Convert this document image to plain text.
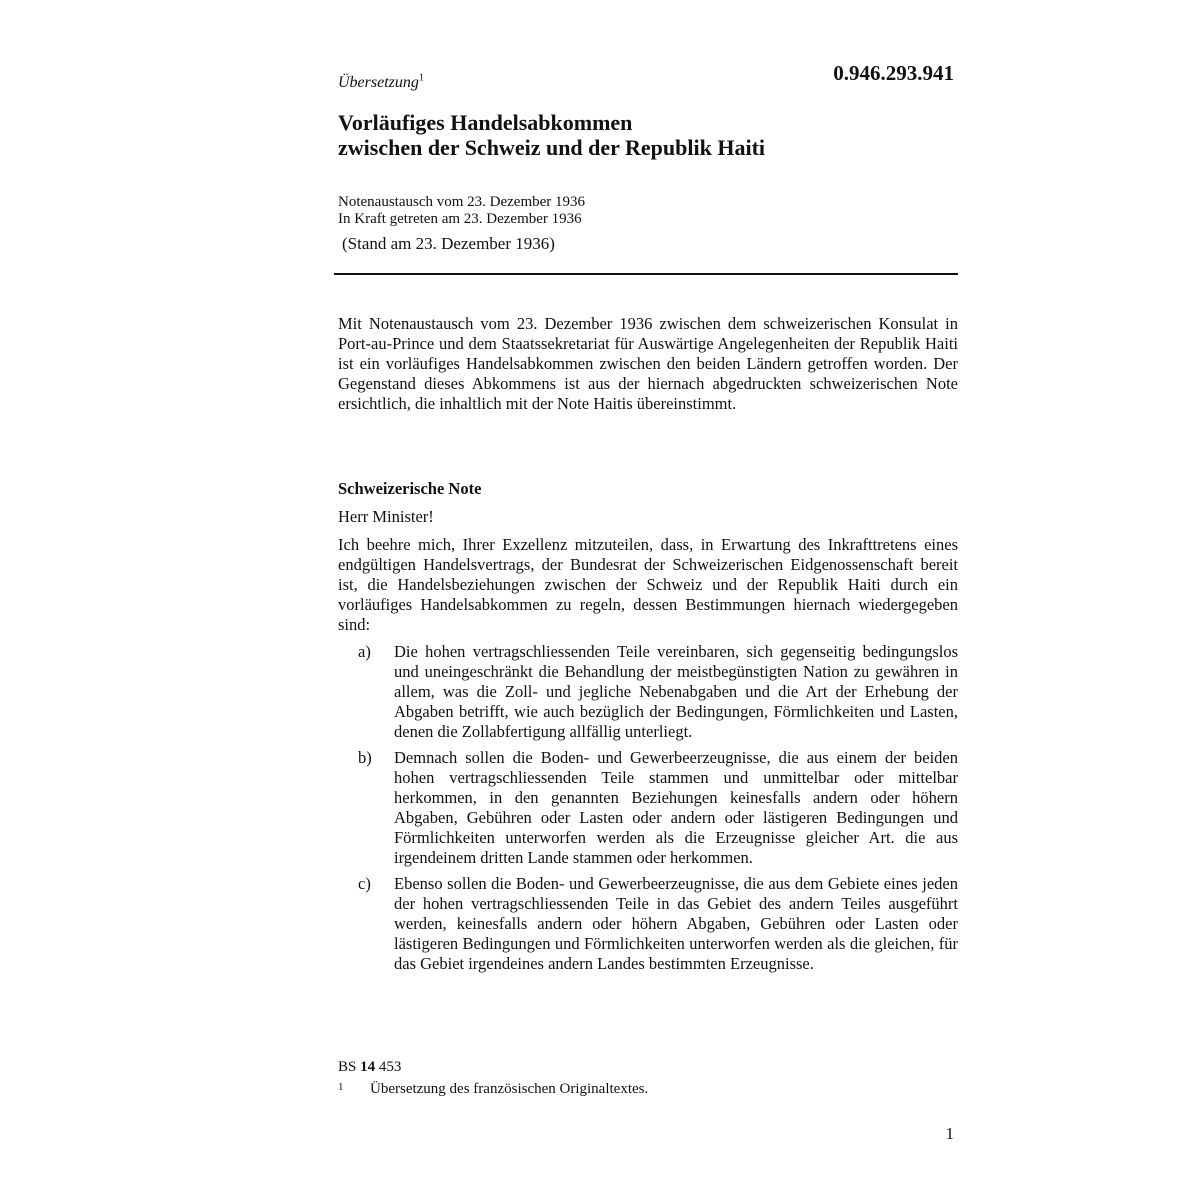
Übersetzung$^1$	0.946.293.941
Vorläufiges Handelsabkommen
zwischen der Schweiz und der Republik Haiti
Notenaustausch vom 23. Dezember 1936
In Kraft getreten am 23. Dezember 1936
(Stand am 23. Dezember 1936)
Mit Notenaustausch vom 23. Dezember 1936 zwischen dem schweizerischen Konsulat in Port-au-Prince und dem Staatssekretariat für Auswärtige Angelegenheiten der Republik Haiti ist ein vorläufiges Handelsabkommen zwischen den beiden Ländern getroffen worden. Der Gegenstand dieses Abkommens ist aus der hiernach abgedruckten schweizerischen Note ersichtlich, die inhaltlich mit der Note Haitis übereinstimmt.
Schweizerische Note
Herr Minister!
Ich beehre mich, Ihrer Exzellenz mitzuteilen, dass, in Erwartung des Inkrafttretens eines endgültigen Handelsvertrags, der Bundesrat der Schweizerischen Eidgenossenschaft bereit ist, die Handelsbeziehungen zwischen der Schweiz und der Republik Haiti durch ein vorläufiges Handelsabkommen zu regeln, dessen Bestimmungen hiernach wiedergegeben sind:
a) Die hohen vertragschliessenden Teile vereinbaren, sich gegenseitig bedingungslos und uneingeschränkt die Behandlung der meistbegünstigten Nation zu gewähren in allem, was die Zoll- und jegliche Nebenabgaben und die Art der Erhebung der Abgaben betrifft, wie auch bezüglich der Bedingungen, Förmlichkeiten und Lasten, denen die Zollabfertigung allfällig unterliegt.
b) Demnach sollen die Boden- und Gewerbeerzeugnisse, die aus einem der beiden hohen vertragschliessenden Teile stammen und unmittelbar oder mittelbar herkommen, in den genannten Beziehungen keinesfalls andern oder höhern Abgaben, Gebühren oder Lasten oder andern oder lästigeren Bedingungen und Förmlichkeiten unterworfen werden als die Erzeugnisse gleicher Art. die aus irgendeinem dritten Lande stammen oder herkommen.
c) Ebenso sollen die Boden- und Gewerbeerzeugnisse, die aus dem Gebiete eines jeden der hohen vertragschliessenden Teile in das Gebiet des andern Teiles ausgeführt werden, keinesfalls andern oder höhern Abgaben, Gebühren oder Lasten oder lästigeren Bedingungen und Förmlichkeiten unterworfen werden als die gleichen, für das Gebiet irgendeines andern Landes bestimmten Erzeugnisse.
BS 14 453
1 Übersetzung des französischen Originaltextes.
1
